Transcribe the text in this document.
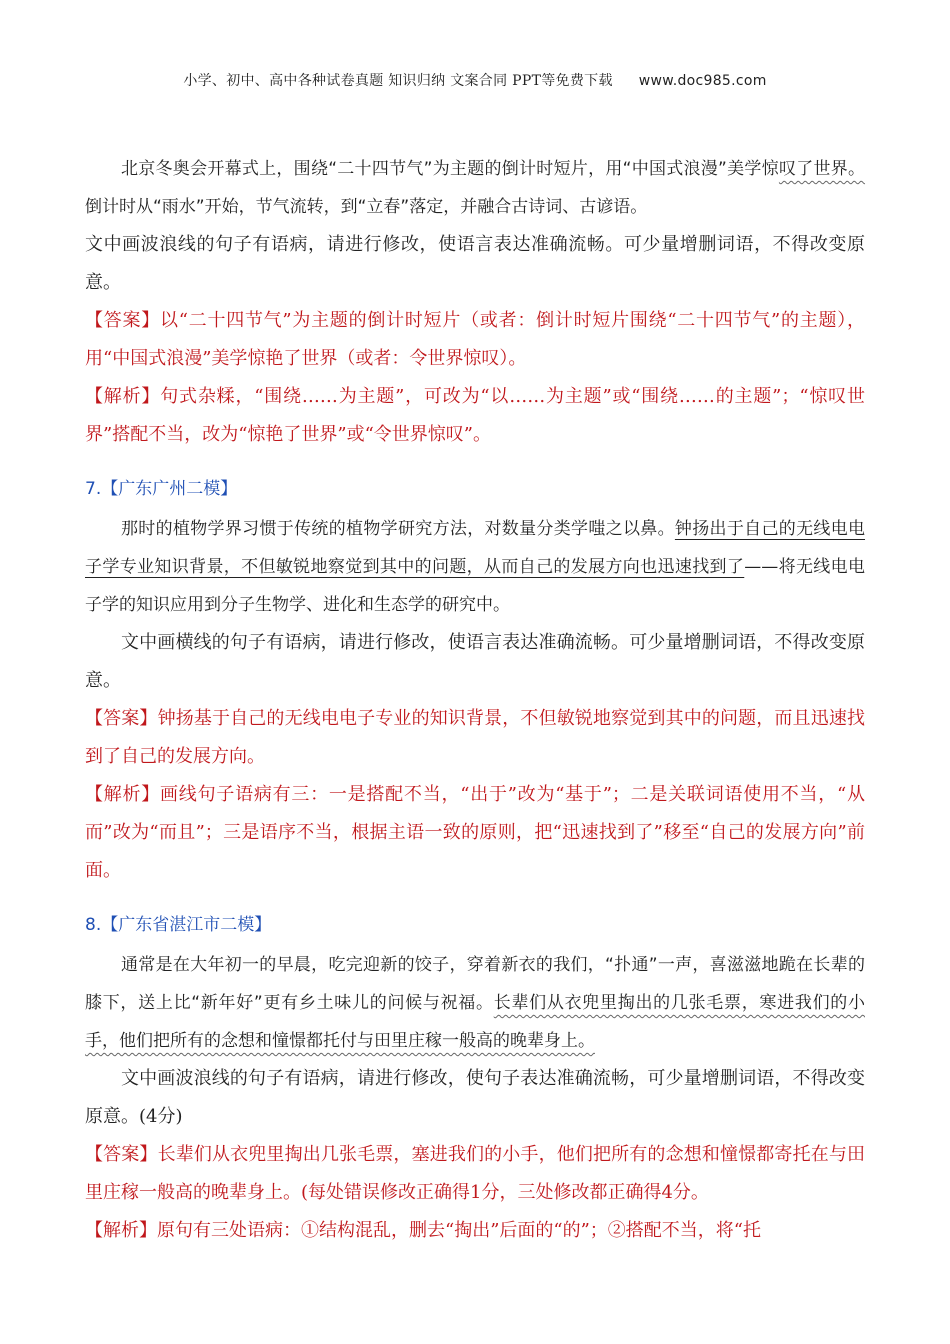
小学、初中、高中各种试卷真题 知识归纳 文案合同 PPT等免费下载 www.doc985.com

北京冬奥会开幕式上，围绕“二十四节气”为主题的倒计时短片，用“中国式浪漫”美学惊叹了世界。倒计时从“雨水”开始，节气流转，到“立春”落定，并融合古诗词、古谚语。

文中画波浪线的句子有语病，请进行修改，使语言表达准确流畅。可少量增删词语，不得改变原意。

【答案】以“二十四节气”为主题的倒计时短片（或者：倒计时短片围绕“二十四节气”的主题），用“中国式浪漫”美学惊艳了世界（或者：令世界惊叹）。

【解析】句式杂糅，“围绕……为主题”，可改为“以……为主题”或“围绕……的主题”；“惊叹世界”搭配不当，改为“惊艳了世界”或“令世界惊叹”。

7.【广东广州二模】

那时的植物学界习惯于传统的植物学研究方法，对数量分类学嗤之以鼻。钟扬出于自己的无线电电子学专业知识背景，不但敏锐地察觉到其中的问题，从而自己的发展方向也迅速找到了——将无线电电子学的知识应用到分子生物学、进化和生态学的研究中。

文中画横线的句子有语病，请进行修改，使语言表达准确流畅。可少量增删词语，不得改变原意。

【答案】钟扬基于自己的无线电电子专业的知识背景，不但敏锐地察觉到其中的问题，而且迅速找到了自己的发展方向。

【解析】画线句子语病有三：一是搭配不当，“出于”改为“基于”；二是关联词语使用不当，“从而”改为“而且”；三是语序不当，根据主语一致的原则，把“迅速找到了”移至“自己的发展方向”前面。

8.【广东省湛江市二模】

通常是在大年初一的早晨，吃完迎新的饺子，穿着新衣的我们，“扑通”一声，喜滋滋地跪在长辈的膝下，送上比“新年好”更有乡土味儿的问候与祝福。长辈们从衣兜里掏出的几张毛票，寒进我们的小手，他们把所有的念想和憧憬都托付与田里庄稼一般高的晚辈身上。

文中画波浪线的句子有语病，请进行修改，使句子表达准确流畅，可少量增删词语，不得改变原意。(4分)

【答案】长辈们从衣兜里掏出几张毛票，塞进我们的小手，他们把所有的念想和憧憬都寄托在与田里庄稼一般高的晚辈身上。(每处错误修改正确得1分，三处修改都正确得4分。

【解析】原句有三处语病：①结构混乱，删去“掏出”后面的“的”；②搭配不当，将“托
